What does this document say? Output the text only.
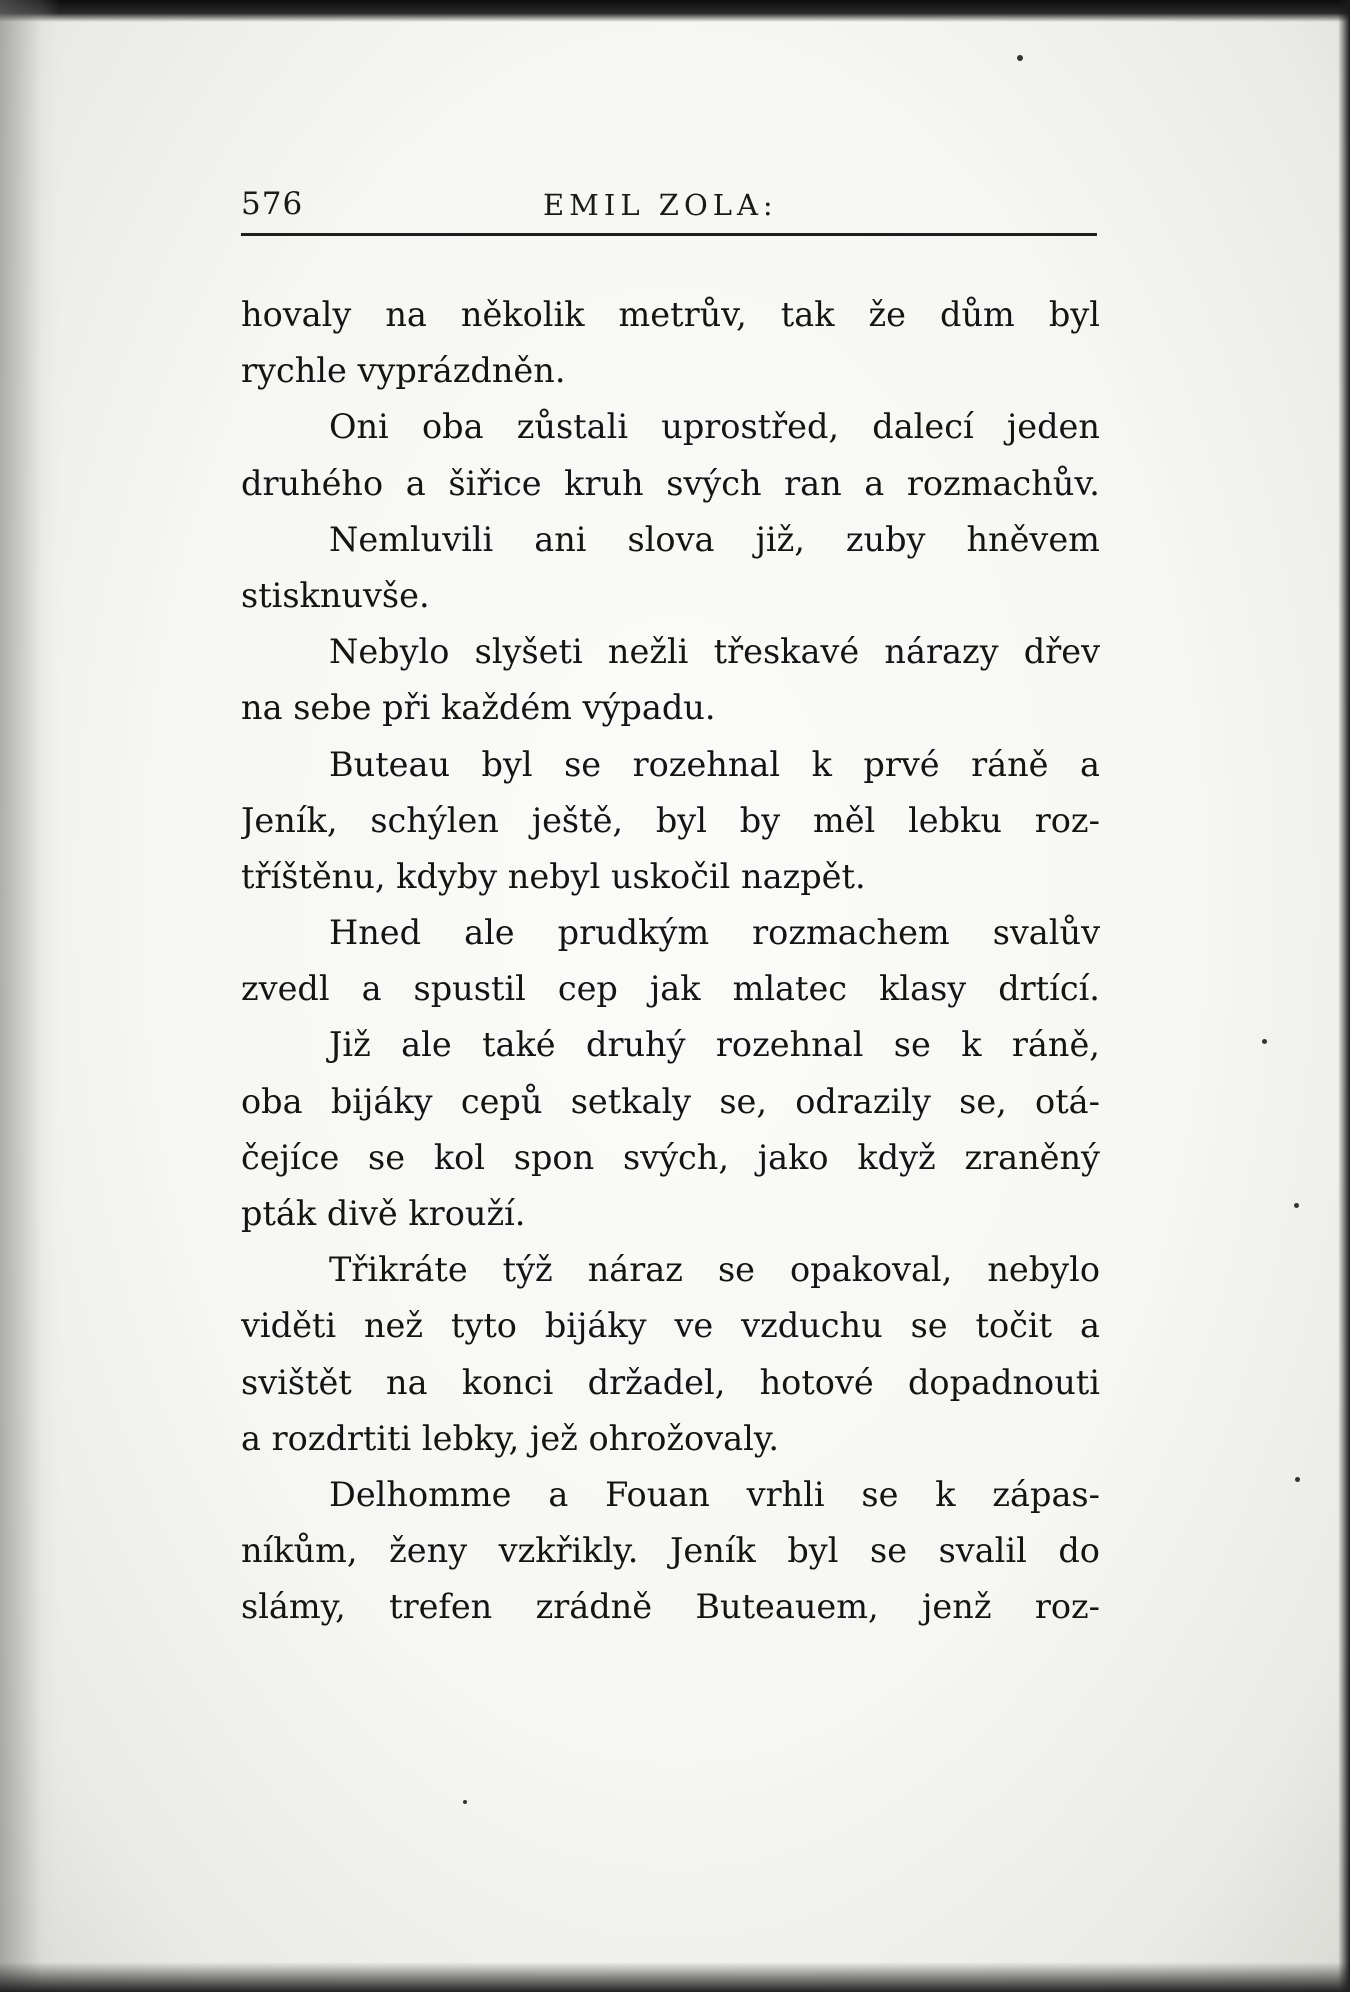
576	EMIL ZOLA:
hovaly na několik metrův, tak že dům byl
rychle vyprázdněn.
Oni oba zůstali uprostřed, dalecí jeden
druhého a šiřice kruh svých ran a rozmachův.
Nemluvili ani slova již, zuby hněvem
stisknuvše.
Nebylo slyšeti nežli třeskavé nárazy dřev
na sebe při každém výpadu.
Buteau byl se rozehnal k prvé ráně a
Jeník, schýlen ještě, byl by měl lebku roz-
tříštěnu, kdyby nebyl uskočil nazpět.
Hned ale prudkým rozmachem svalův
zvedl a spustil cep jak mlatec klasy drtící.
Již ale také druhý rozehnal se k ráně,
oba bijáky cepů setkaly se, odrazily se, otá-
čejíce se kol spon svých, jako když zraněný
pták divě krouží.
Třikráte týž náraz se opakoval, nebylo
viděti než tyto bijáky ve vzduchu se točit a
svištět na konci držadel, hotové dopadnouti
a rozdrtiti lebky, jež ohrožovaly.
Delhomme a Fouan vrhli se k zápas-
níkům, ženy vzkřikly. Jeník byl se svalil do
slámy, trefen zrádně Buteauem, jenž roz-
